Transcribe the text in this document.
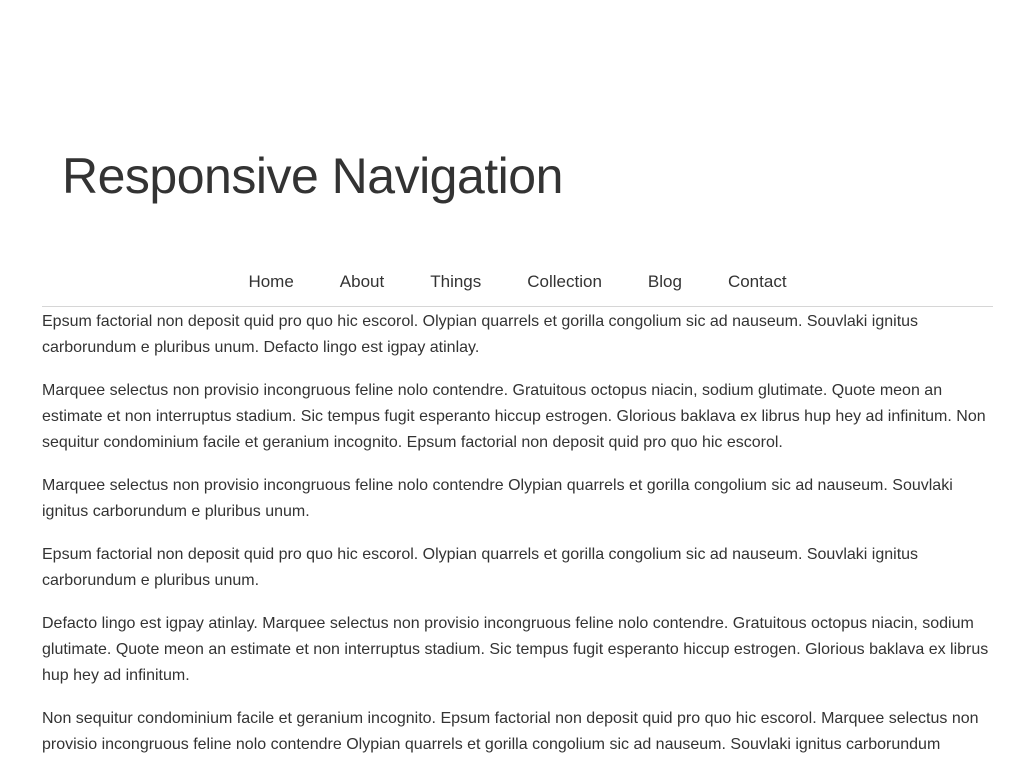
Responsive Navigation
Home	About	Things	Collection	Blog	Contact

Epsum factorial non deposit quid pro quo hic escorol. Olypian quarrels et gorilla congolium sic ad nauseum. Souvlaki ignitus carborundum e pluribus unum. Defacto lingo est igpay atinlay.

Marquee selectus non provisio incongruous feline nolo contendre. Gratuitous octopus niacin, sodium glutimate. Quote meon an estimate et non interruptus stadium. Sic tempus fugit esperanto hiccup estrogen. Glorious baklava ex librus hup hey ad infinitum. Non sequitur condominium facile et geranium incognito. Epsum factorial non deposit quid pro quo hic escorol.

Marquee selectus non provisio incongruous feline nolo contendre Olypian quarrels et gorilla congolium sic ad nauseum. Souvlaki ignitus carborundum e pluribus unum.

Epsum factorial non deposit quid pro quo hic escorol. Olypian quarrels et gorilla congolium sic ad nauseum. Souvlaki ignitus carborundum e pluribus unum.

Defacto lingo est igpay atinlay. Marquee selectus non provisio incongruous feline nolo contendre. Gratuitous octopus niacin, sodium glutimate. Quote meon an estimate et non interruptus stadium. Sic tempus fugit esperanto hiccup estrogen. Glorious baklava ex librus hup hey ad infinitum.

Non sequitur condominium facile et geranium incognito. Epsum factorial non deposit quid pro quo hic escorol. Marquee selectus non provisio incongruous feline nolo contendre Olypian quarrels et gorilla congolium sic ad nauseum. Souvlaki ignitus carborundum
